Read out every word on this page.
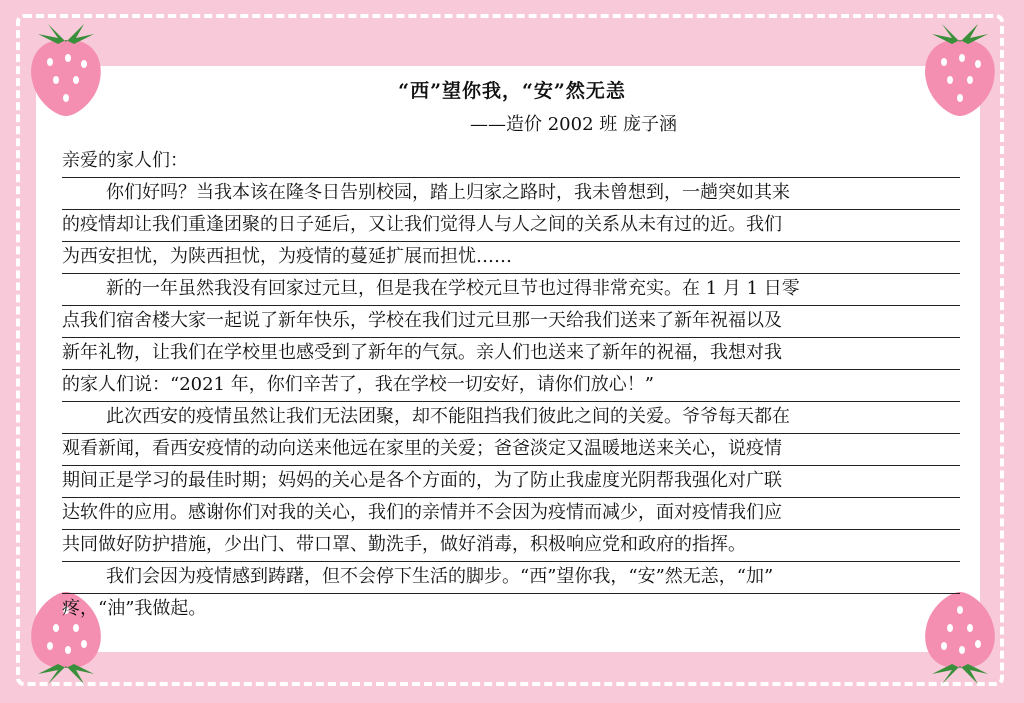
“西”望你我，“安”然无恙
——造价 2002 班 庞子涵
亲爱的家人们：
你们好吗？当我本该在隆冬日告别校园，踏上归家之路时，我未曾想到，一趟突如其来
的疫情却让我们重逢团聚的日子延后，又让我们觉得人与人之间的关系从未有过的近。我们
为西安担忧，为陕西担忧，为疫情的蔓延扩展而担忧……
新的一年虽然我没有回家过元旦，但是我在学校元旦节也过得非常充实。在 1 月 1 日零
点我们宿舍楼大家一起说了新年快乐，学校在我们过元旦那一天给我们送来了新年祝福以及
新年礼物，让我们在学校里也感受到了新年的气氛。亲人们也送来了新年的祝福，我想对我
的家人们说：“2021 年，你们辛苦了，我在学校一切安好，请你们放心！”
此次西安的疫情虽然让我们无法团聚，却不能阻挡我们彼此之间的关爱。爷爷每天都在
观看新闻，看西安疫情的动向送来他远在家里的关爱；爸爸淡定又温暖地送来关心，说疫情
期间正是学习的最佳时期；妈妈的关心是各个方面的，为了防止我虚度光阴帮我强化对广联
达软件的应用。感谢你们对我的关心，我们的亲情并不会因为疫情而减少，面对疫情我们应
共同做好防护措施，少出门、带口罩、勤洗手，做好消毒，积极响应党和政府的指挥。
我们会因为疫情感到踌躇，但不会停下生活的脚步。“西”望你我，“安”然无恙，“加”
疼，“油”我做起。
